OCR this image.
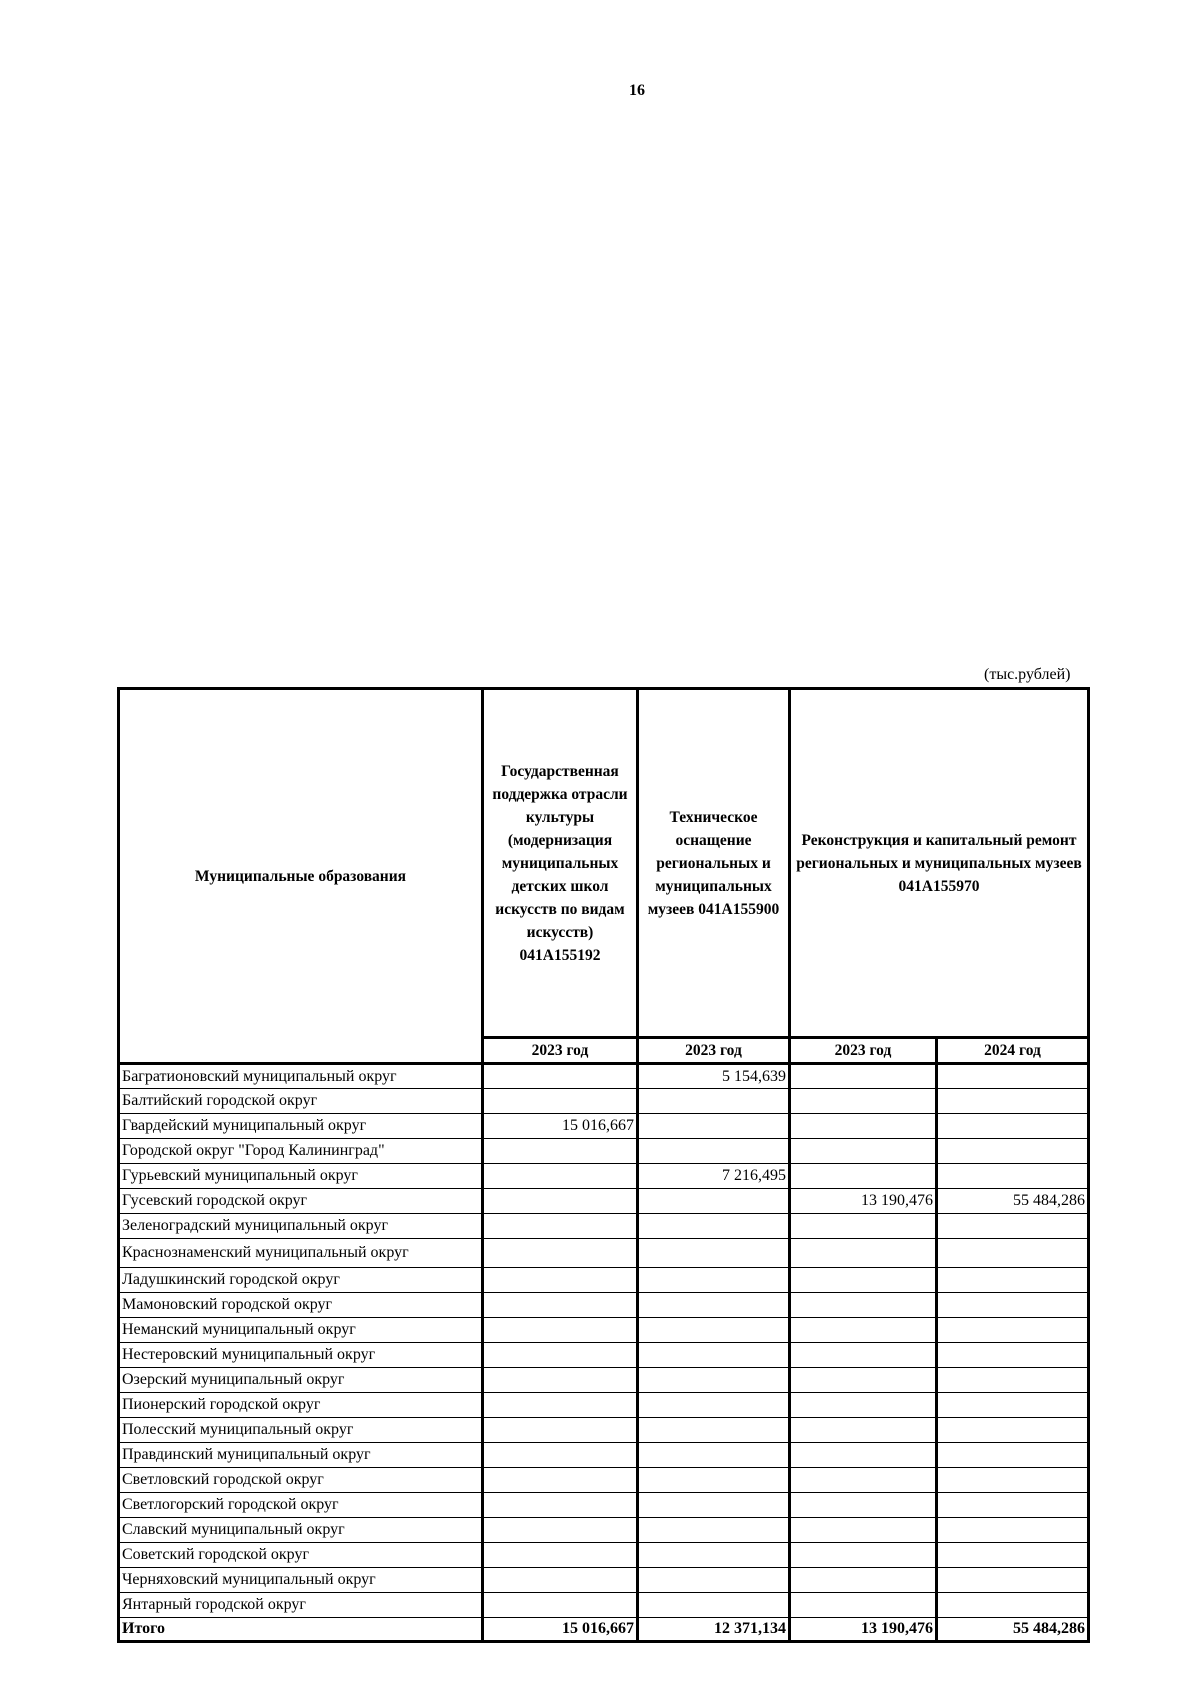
16
(тыс.рублей)
Муниципальные образования	Государственная поддержка отрасли культуры (модернизация муниципальных детских школ искусств по видам искусств) 041А155192	Техническое оснащение региональных и муниципальных музеев 041А155900	Реконструкция и капитальный ремонт региональных и муниципальных музеев 041А155970	
	2023 год	2023 год	2023 год	2024 год
Багратионовский муниципальный округ		5 154,639		
Балтийский городской округ				
Гвардейский муниципальный округ	15 016,667			
Городской округ "Город Калининград"				
Гурьевский муниципальный округ		7 216,495		
Гусевский городской округ			13 190,476	55 484,286
Зеленоградский муниципальный округ				
Краснознаменский муниципальный округ				
Ладушкинский городской округ				
Мамоновский городской округ				
Неманский муниципальный округ				
Нестеровский муниципальный округ				
Озерский муниципальный округ				
Пионерский городской округ				
Полесский муниципальный округ				
Правдинский муниципальный округ				
Светловский городской округ				
Светлогорский городской округ				
Славский муниципальный округ				
Советский городской округ				
Черняховский муниципальный округ				
Янтарный городской округ				
Итого	15 016,667	12 371,134	13 190,476	55 484,286
